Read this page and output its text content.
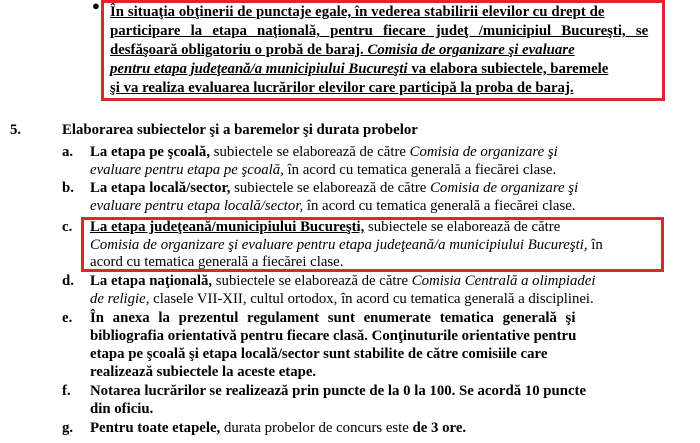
● În situaţia obţinerii de punctaje egale, în vederea stabilirii elevilor cu drept de
participare la etapa naţională, pentru fiecare judeţ /municipiul Bucureşti, se
desfăşoară obligatoriu o probă de baraj. Comisia de organizare şi evaluare
pentru etapa judeţeană/a municipiului Bucureşti va elabora subiectele, baremele
şi va realiza evaluarea lucrărilor elevilor care participă la proba de baraj.
5.	Elaborarea subiectelor şi a baremelor şi durata probelor
a. La etapa pe şcoală, subiectele se elaborează de către Comisia de organizare şi
evaluare pentru etapa pe şcoală, în acord cu tematica generală a fiecărei clase.
b. La etapa locală/sector, subiectele se elaborează de către Comisia de organizare şi
evaluare pentru etapa locală/sector, în acord cu tematica generală a fiecărei clase.
c. La etapa judeţeană/municipiului Bucureşti, subiectele se elaborează de către
Comisia de organizare şi evaluare pentru etapa judeţeană/a municipiului Bucureşti, în
acord cu tematica generală a fiecărei clase.
d. La etapa naţională, subiectele se elaborează de către Comisia Centrală a olimpiadei
de religie, clasele VII-XII, cultul ortodox, în acord cu tematica generală a disciplinei.
e. În anexa la prezentul regulament sunt enumerate tematica generală şi
bibliografia orientativă pentru fiecare clasă. Conţinuturile orientative pentru
etapa pe şcoală şi etapa locală/sector sunt stabilite de către comisiile care
realizează subiectele la aceste etape.
f. Notarea lucrărilor se realizează prin puncte de la 0 la 100. Se acordă 10 puncte
din oficiu.
g. Pentru toate etapele, durata probelor de concurs este de 3 ore.
